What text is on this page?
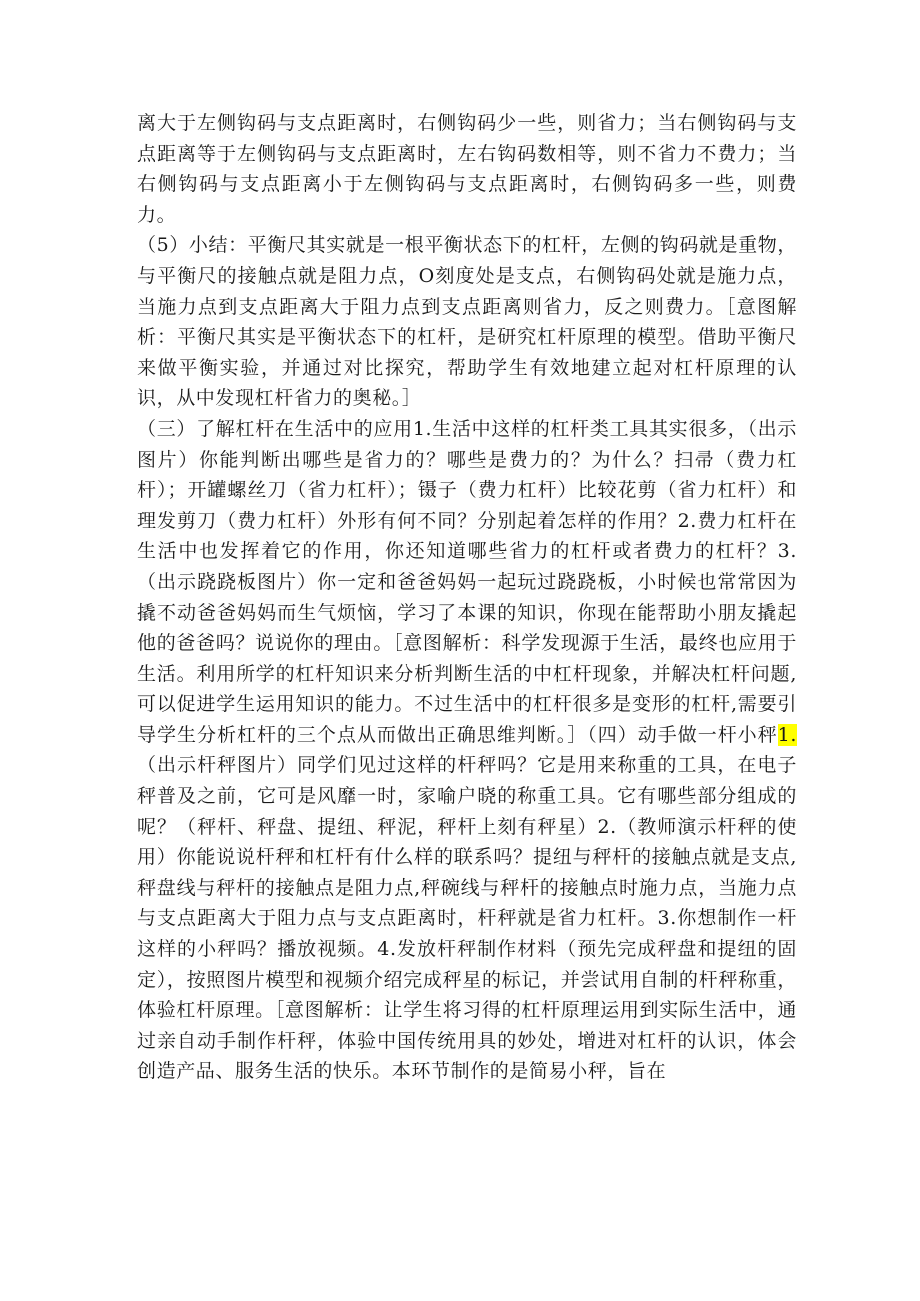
离大于左侧钩码与支点距离时，右侧钩码少一些，则省力；当右侧钩码与支点距离等于左侧钩码与支点距离时，左右钩码数相等，则不省力不费力；当右侧钩码与支点距离小于左侧钩码与支点距离时，右侧钩码多一些，则费力。

（5）小结：平衡尺其实就是一根平衡状态下的杠杆，左侧的钩码就是重物，与平衡尺的接触点就是阻力点，O刻度处是支点，右侧钩码处就是施力点，当施力点到支点距离大于阻力点到支点距离则省力，反之则费力。［意图解析：平衡尺其实是平衡状态下的杠杆，是研究杠杆原理的模型。借助平衡尺来做平衡实验，并通过对比探究，帮助学生有效地建立起对杠杆原理的认识，从中发现杠杆省力的奥秘。］

（三）了解杠杆在生活中的应用1.生活中这样的杠杆类工具其实很多，（出示图片）你能判断出哪些是省力的？哪些是费力的？为什么？扫帚（费力杠杆）；开罐螺丝刀（省力杠杆）；镊子（费力杠杆）比较花剪（省力杠杆）和理发剪刀（费力杠杆）外形有何不同？分别起着怎样的作用？2.费力杠杆在生活中也发挥着它的作用，你还知道哪些省力的杠杆或者费力的杠杆？3.（出示跷跷板图片）你一定和爸爸妈妈一起玩过跷跷板，小时候也常常因为撬不动爸爸妈妈而生气烦恼，学习了本课的知识，你现在能帮助小朋友撬起他的爸爸吗？说说你的理由。［意图解析：科学发现源于生活，最终也应用于生活。利用所学的杠杆知识来分析判断生活的中杠杆现象，并解决杠杆问题,可以促进学生运用知识的能力。不过生活中的杠杆很多是变形的杠杆,需要引导学生分析杠杆的三个点从而做出正确思维判断。］（四）动手做一杆小秤1.（出示杆秤图片）同学们见过这样的杆秤吗？它是用来称重的工具，在电子秤普及之前，它可是风靡一时，家喻户晓的称重工具。它有哪些部分组成的呢？（秤杆、秤盘、提纽、秤泥，秤杆上刻有秤星）2.（教师演示杆秤的使用）你能说说杆秤和杠杆有什么样的联系吗？提纽与秤杆的接触点就是支点,秤盘线与秤杆的接触点是阻力点,秤碗线与秤杆的接触点时施力点，当施力点与支点距离大于阻力点与支点距离时，杆秤就是省力杠杆。3.你想制作一杆这样的小秤吗？播放视频。4.发放杆秤制作材料（预先完成秤盘和提纽的固定），按照图片模型和视频介绍完成秤星的标记，并尝试用自制的杆秤称重，体验杠杆原理。［意图解析：让学生将习得的杠杆原理运用到实际生活中，通过亲自动手制作杆秤，体验中国传统用具的妙处，增进对杠杆的认识，体会创造产品、服务生活的快乐。本环节制作的是简易小秤，旨在
